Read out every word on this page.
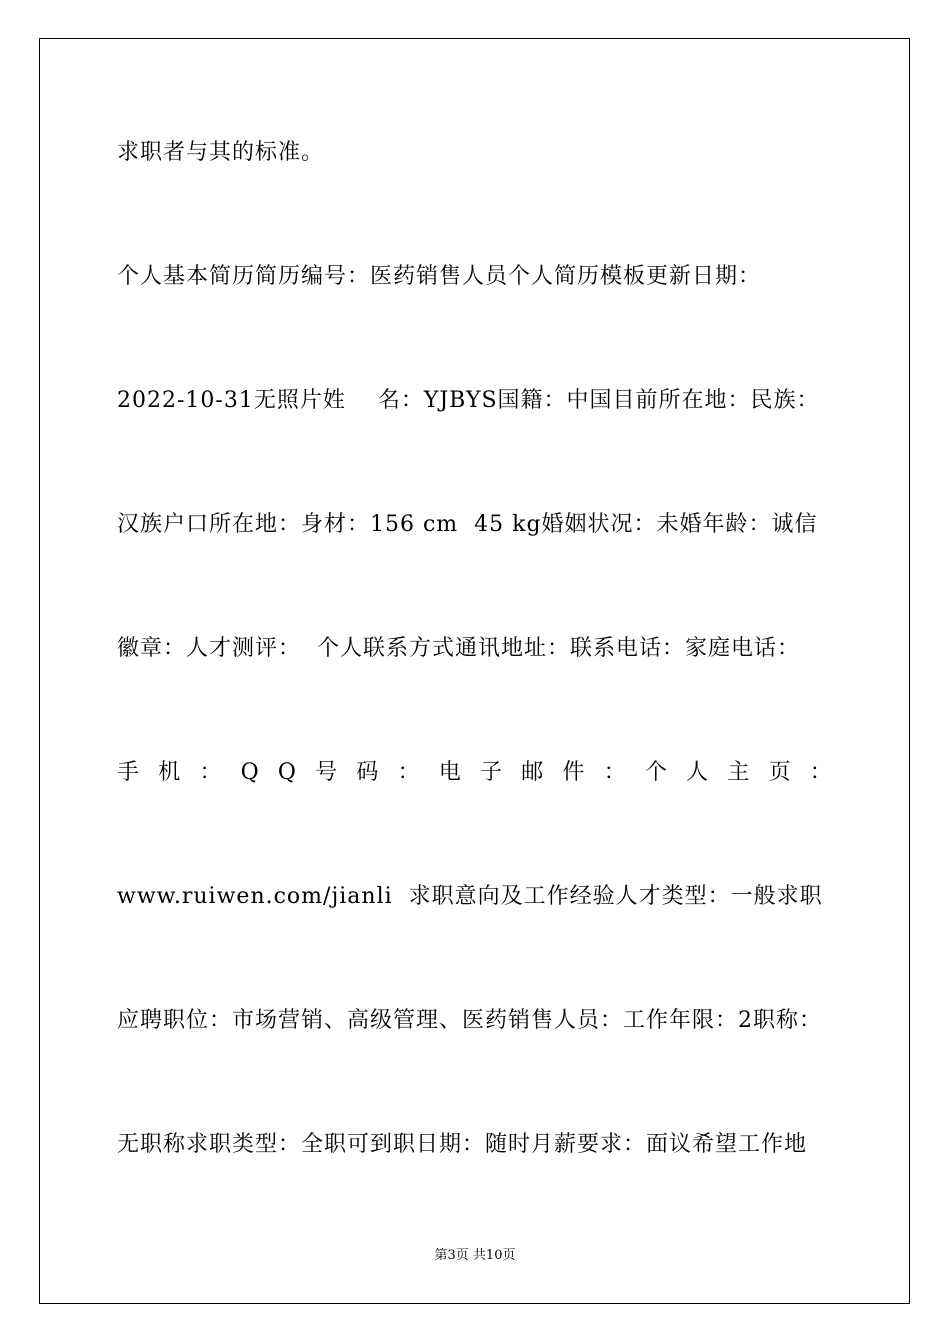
求职者与其的标准。
个人基本简历简历编号：医药销售人员个人简历模板更新日期：
2022-10-31无照片姓    名：YJBYS国籍：中国目前所在地：民族：
汉族户口所在地：身材：156 cm  45 kg婚姻状况：未婚年龄：诚信
徽章：人才测评：  个人联系方式通讯地址：联系电话：家庭电话：
手 机 ： Q Q 号 码 ： 电 子 邮 件 ： 个 人 主 页 ：
www.ruiwen.com/jianli  求职意向及工作经验人才类型：一般求职
应聘职位：市场营销、高级管理、医药销售人员：工作年限：2职称：
无职称求职类型：全职可到职日期：随时月薪要求：面议希望工作地
第3页 共10页
